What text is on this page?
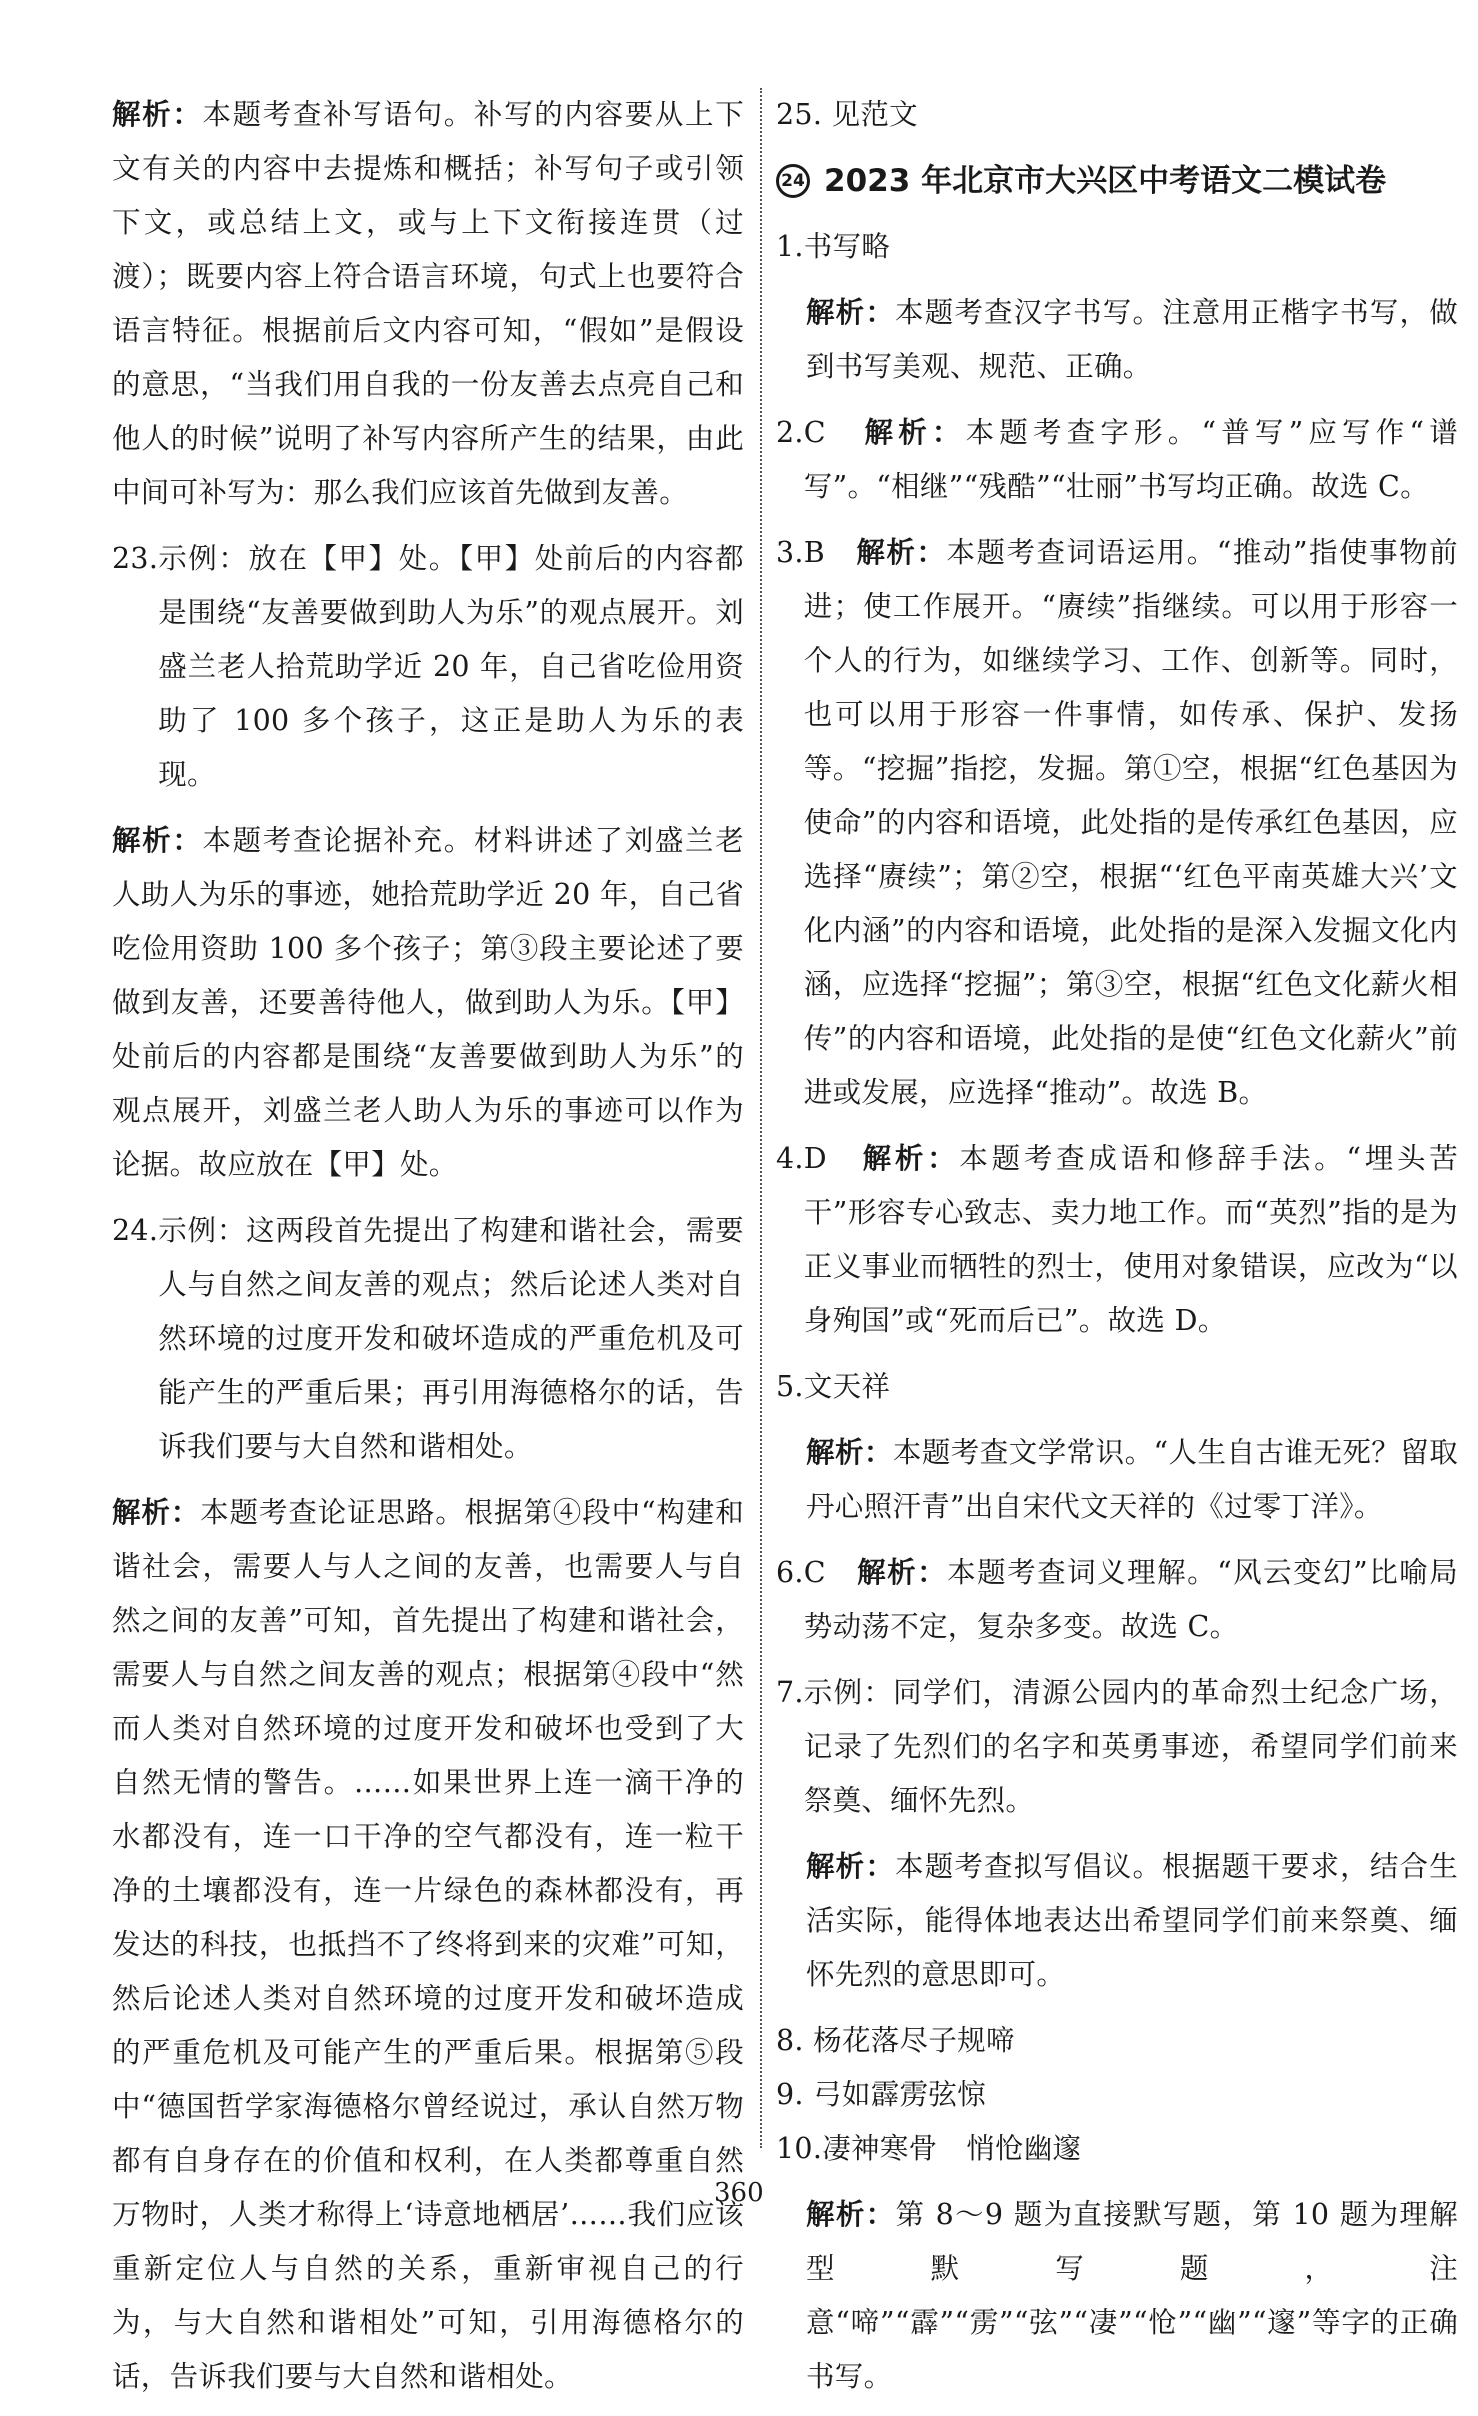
解析：本题考查补写语句。补写的内容要从上下文有关的内容中去提炼和概括；补写句子或引领下文，或总结上文，或与上下文衔接连贯（过渡）；既要内容上符合语言环境，句式上也要符合语言特征。根据前后文内容可知，“假如”是假设的意思，“当我们用自我的一份友善去点亮自己和他人的时候”说明了补写内容所产生的结果，由此中间可补写为：那么我们应该首先做到友善。

23. 示例：放在【甲】处。【甲】处前后的内容都是围绕“友善要做到助人为乐”的观点展开。刘盛兰老人拾荒助学近 20 年，自己省吃俭用资助了 100 多个孩子，这正是助人为乐的表现。

解析：本题考查论据补充。材料讲述了刘盛兰老人助人为乐的事迹，她拾荒助学近 20 年，自己省吃俭用资助 100 多个孩子；第③段主要论述了要做到友善，还要善待他人，做到助人为乐。【甲】处前后的内容都是围绕“友善要做到助人为乐”的观点展开，刘盛兰老人助人为乐的事迹可以作为论据。故应放在【甲】处。

24. 示例：这两段首先提出了构建和谐社会，需要人与自然之间友善的观点；然后论述人类对自然环境的过度开发和破坏造成的严重危机及可能产生的严重后果；再引用海德格尔的话，告诉我们要与大自然和谐相处。

解析：本题考查论证思路。根据第④段中“构建和谐社会，需要人与人之间的友善，也需要人与自然之间的友善”可知，首先提出了构建和谐社会，需要人与自然之间友善的观点；根据第④段中“然而人类对自然环境的过度开发和破坏也受到了大自然无情的警告。……如果世界上连一滴干净的水都没有，连一口干净的空气都没有，连一粒干净的土壤都没有，连一片绿色的森林都没有，再发达的科技，也抵挡不了终将到来的灾难”可知，然后论述人类对自然环境的过度开发和破坏造成的严重危机及可能产生的严重后果。根据第⑤段中“德国哲学家海德格尔曾经说过，承认自然万物都有自身存在的价值和权利，在人类都尊重自然万物时，人类才称得上‘诗意地栖居’……我们应该重新定位人与自然的关系，重新审视自己的行为，与大自然和谐相处”可知，引用海德格尔的话，告诉我们要与大自然和谐相处。

25. 见范文

24 2023 年北京市大兴区中考语文二模试卷
1. 书写略

解析：本题考查汉字书写。注意用正楷字书写，做到书写美观、规范、正确。

2. C　 解析：本题考查字形。“普写”应写作“谱写”。“相继”“残酷”“壮丽”书写均正确。故选 C。
3. B　 解析：本题考查词语运用。“推动”指使事物前进；使工作展开。“赓续”指继续。可以用于形容一个人的行为，如继续学习、工作、创新等。同时，也可以用于形容一件事情，如传承、保护、发扬等。“挖掘”指挖，发掘。第①空，根据“红色基因为使命”的内容和语境，此处指的是传承红色基因，应选择“赓续”；第②空，根据“‘红色平南英雄大兴’文化内涵”的内容和语境，此处指的是深入发掘文化内涵，应选择“挖掘”；第③空，根据“红色文化薪火相传”的内容和语境，此处指的是使“红色文化薪火”前进或发展，应选择“推动”。故选 B。
4. D　 解析：本题考查成语和修辞手法。“埋头苦干”形容专心致志、卖力地工作。而“英烈”指的是为正义事业而牺牲的烈士，使用对象错误，应改为“以身殉国”或“死而后已”。故选 D。
5. 文天祥

解析：本题考查文学常识。“人生自古谁无死？留取丹心照汗青”出自宋代文天祥的《过零丁洋》。

6. C　 解析：本题考查词义理解。“风云变幻”比喻局势动荡不定，复杂多变。故选 C。
7. 示例：同学们，清源公园内的革命烈士纪念广场，记录了先烈们的名字和英勇事迹，希望同学们前来祭奠、缅怀先烈。

解析：本题考查拟写倡议。根据题干要求，结合生活实际，能得体地表达出希望同学们前来祭奠、缅怀先烈的意思即可。

8. 杨花落尽子规啼

9. 弓如霹雳弦惊

10. 凄神寒骨　悄怆幽邃

解析：第 8～9 题为直接默写题，第 10 题为理解型默写题，注意“啼”“霹”“雳”“弦”“凄”“怆”“幽”“邃”等字的正确书写。

360
